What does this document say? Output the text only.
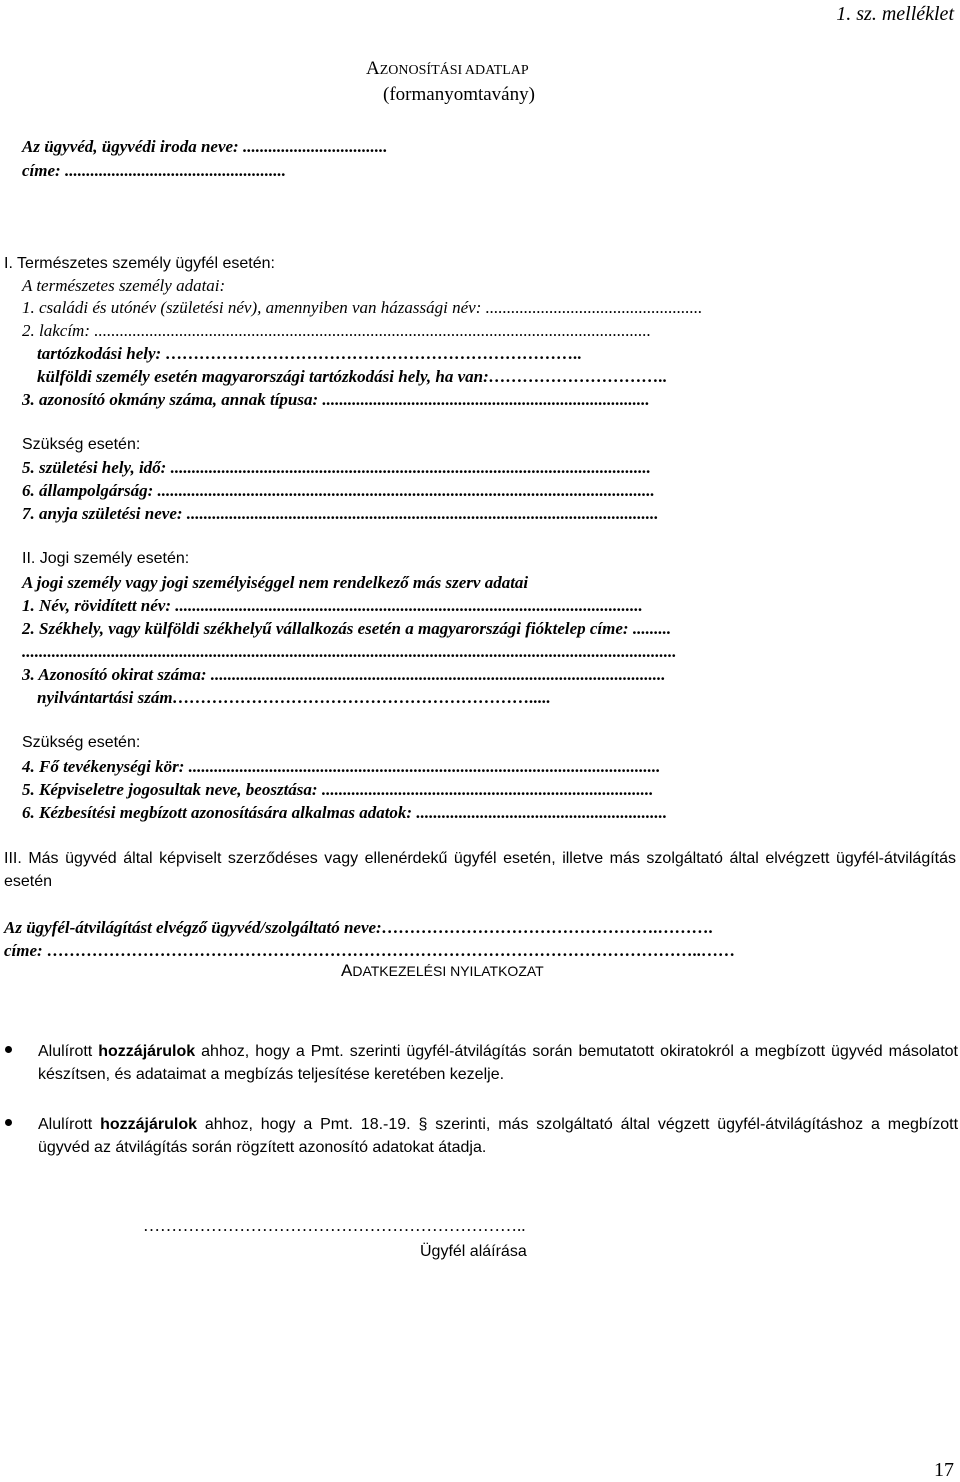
1. sz. melléklet
AZONOSÍTÁSI ADATLAP
(formanyomtavány)
Az ügyvéd, ügyvédi iroda neve: ..................................
címe: ....................................................
I. Természetes személy ügyfél esetén:
A természetes személy adatai:
1. családi és utónév (születési név), amennyiben van házassági név: ...................................................
2. lakcím: ...................................................................................................................................
tartózkodási hely: ………………………………………………………………..
külföldi személy esetén magyarországi tartózkodási hely, ha van:…………………………..
3. azonosító okmány száma, annak típusa: .............................................................................
Szükség esetén:
5. születési hely, idő: .................................................................................................................
6. állampolgárság: .....................................................................................................................
7. anyja születési neve: ...............................................................................................................
II. Jogi személy esetén:
A jogi személy vagy jogi személyiséggel nem rendelkező más szerv adatai
1. Név, rövidített név: ..............................................................................................................
2. Székhely, vagy külföldi székhelyű vállalkozás esetén a magyarországi fióktelep címe: .........
..........................................................................................................................................................
3. Azonosító okirat száma: ...........................................................................................................
nyilvántartási szám……………………………………………………….....
Szükség esetén:
4. Fő tevékenységi kör: ...............................................................................................................
5. Képviseletre jogosultak neve, beosztása: ..............................................................................
6. Kézbesítési megbízott azonosítására alkalmas adatok: ...........................................................
III. Más ügyvéd által képviselt szerződéses vagy ellenérdekű ügyfél esetén, illetve más szolgáltató által elvégzett ügyfél-átvilágítás esetén
Az ügyfél-átvilágítást elvégző ügyvéd/szolgáltató neve:………………………………………….……….
címe: ……………………………………………………………………………………………………..……
ADATKEZELÉSI NYILATKOZAT
Alulírott hozzájárulok ahhoz, hogy a Pmt. szerinti ügyfél-átvilágítás során bemutatott okiratokról a megbízott ügyvéd másolatot készítsen, és adataimat a megbízás teljesítése keretében kezelje.
Alulírott hozzájárulok ahhoz, hogy a Pmt. 18.-19. § szerinti, más szolgáltató által végzett ügyfél-átvilágításhoz a megbízott ügyvéd az átvilágítás során rögzített azonosító adatokat átadja.
…………………………………………………………..
Ügyfél aláírása
17
